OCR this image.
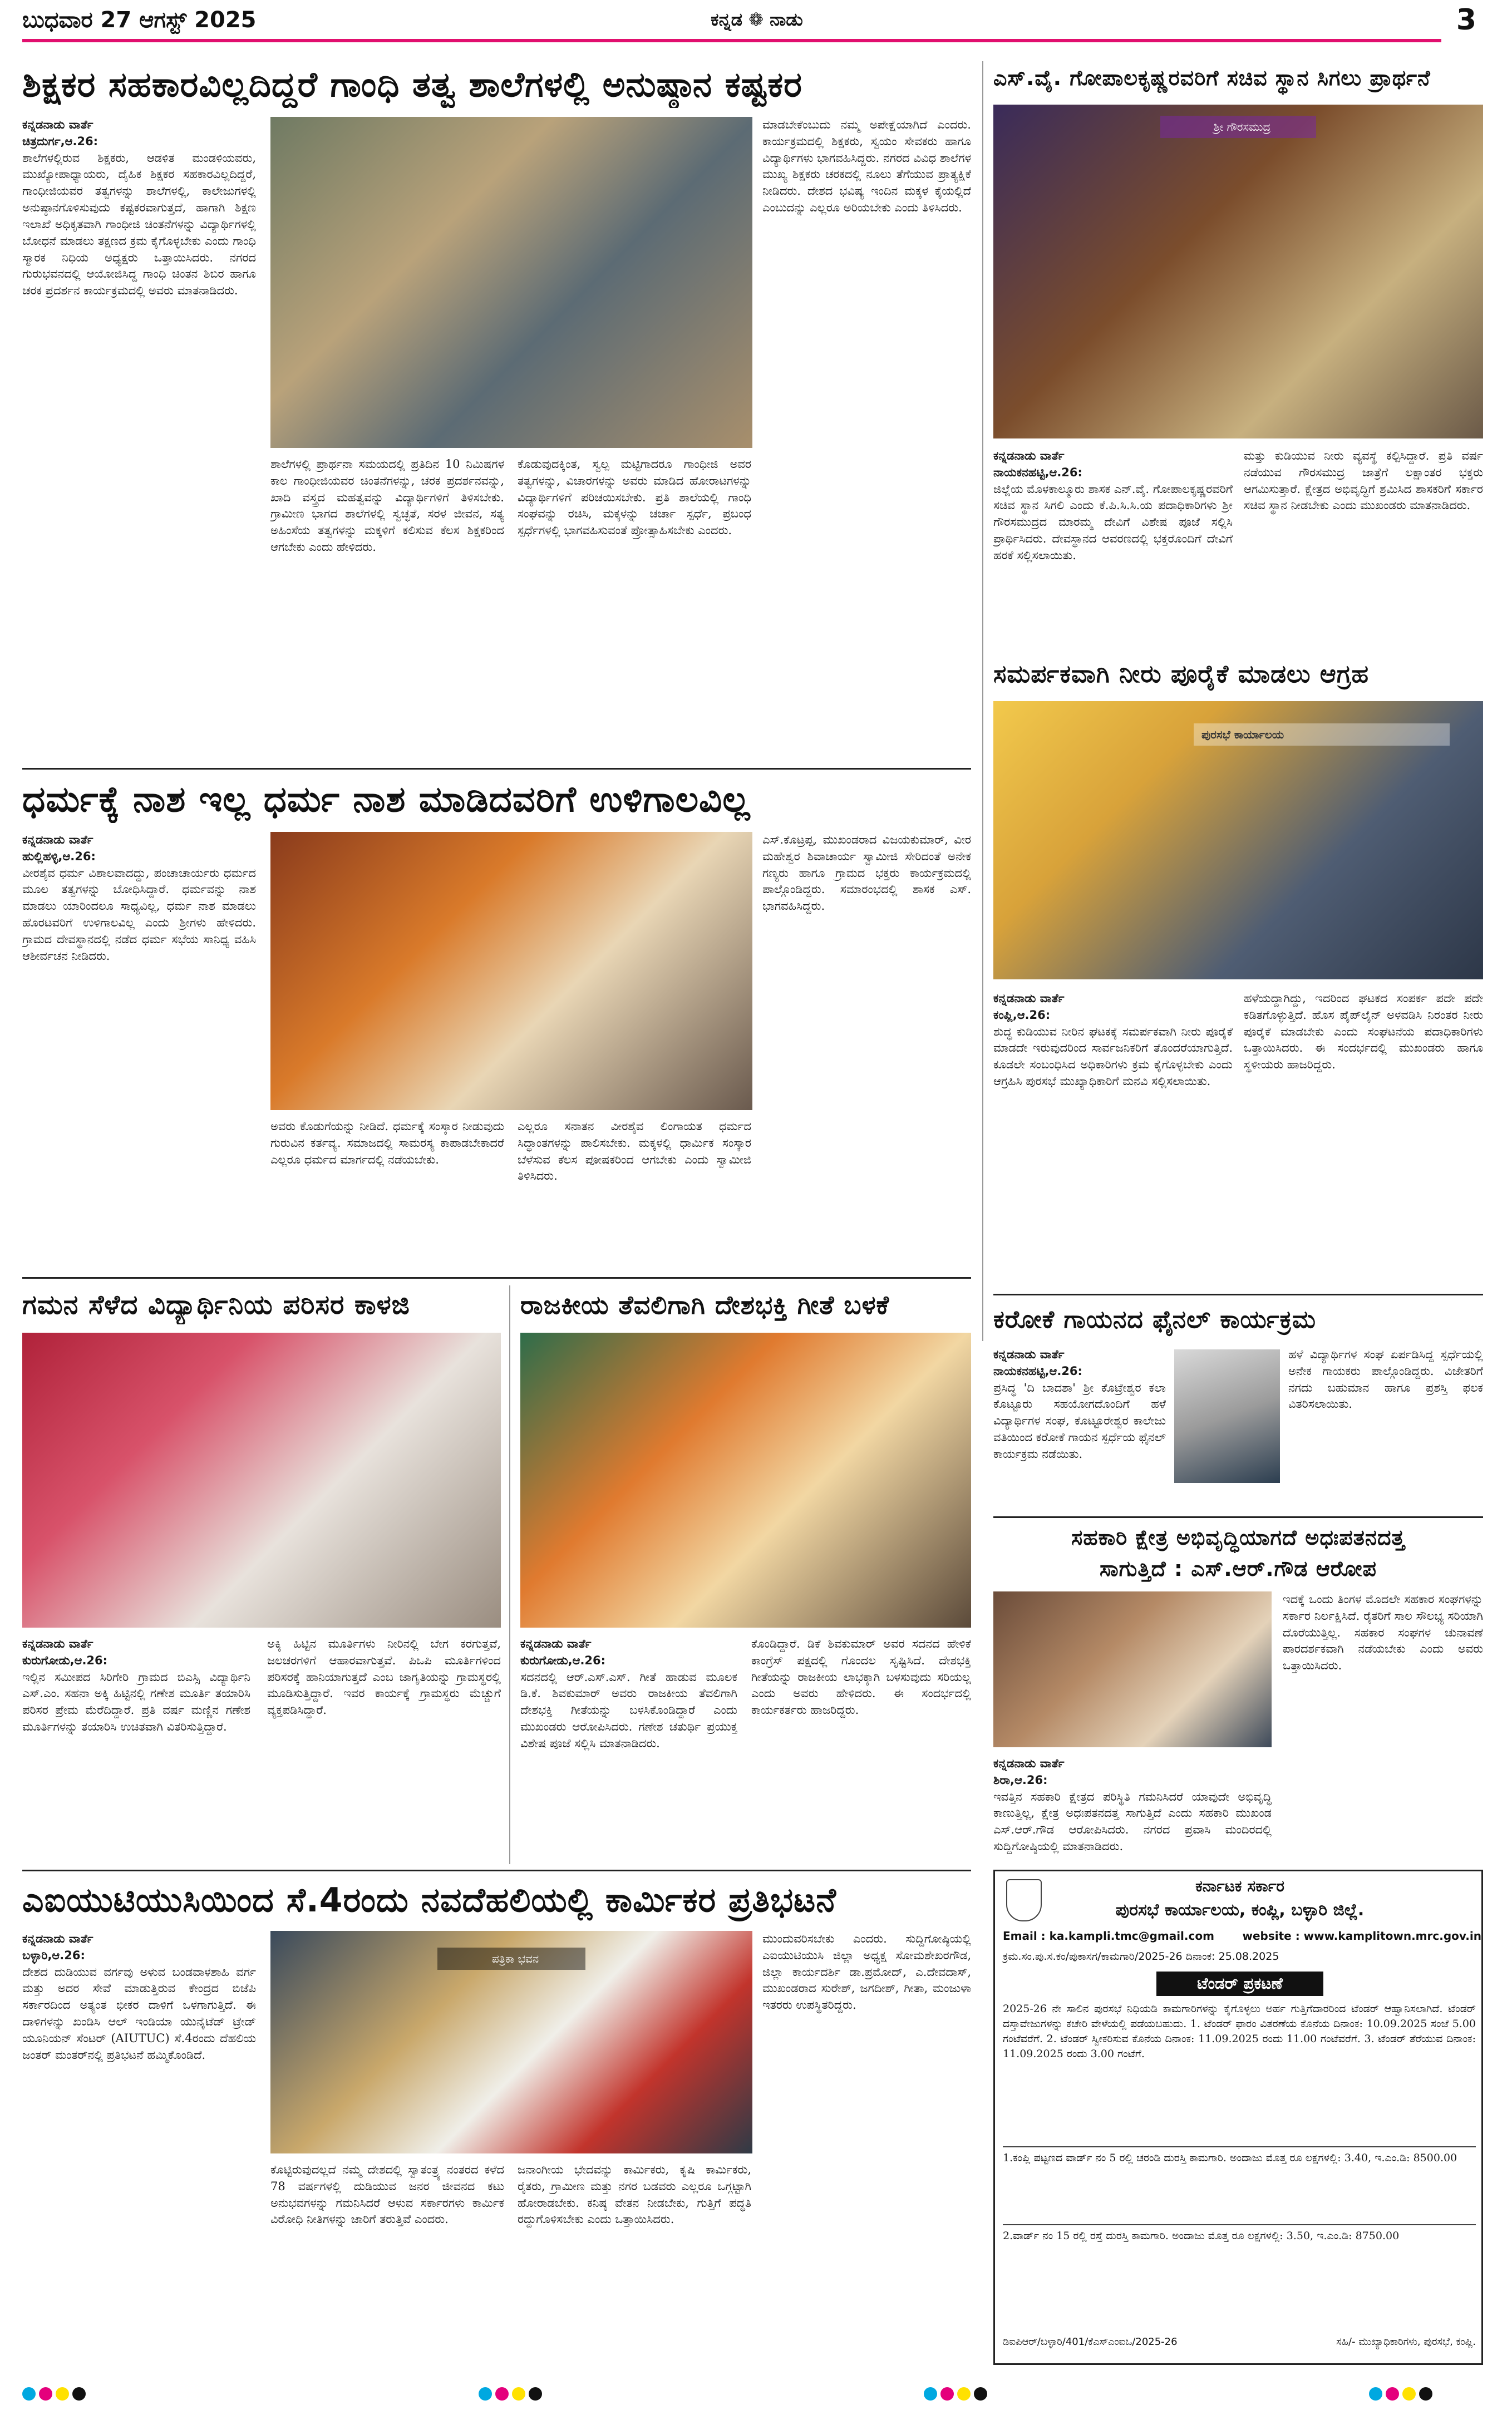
ಬುಧವಾರ 27 ಆಗಸ್ಟ್ 2025	ಕನ್ನಡ ❁ ನಾಡು	3
ಶಿಕ್ಷಕರ ಸಹಕಾರವಿಲ್ಲದಿದ್ದರೆ ಗಾಂಧಿ ತತ್ವ ಶಾಲೆಗಳಲ್ಲಿ ಅನುಷ್ಠಾನ ಕಷ್ಟಕರ
ಕನ್ನಡನಾಡು ವಾರ್ತೆ
ಚಿತ್ರದುರ್ಗ,ಆ.26:
ಶಾಲೆಗಳಲ್ಲಿರುವ ಶಿಕ್ಷಕರು, ಆಡಳಿತ ಮಂಡಳಿಯವರು, ಮುಖ್ಯೋಪಾಧ್ಯಾಯರು, ದೈಹಿಕ ಶಿಕ್ಷಕರ ಸಹಕಾರವಿಲ್ಲದಿದ್ದರೆ, ಗಾಂಧೀಜಿಯವರ ತತ್ವಗಳನ್ನು ಶಾಲೆಗಳಲ್ಲಿ, ಕಾಲೇಜುಗಳಲ್ಲಿ ಅನುಷ್ಠಾನಗೊಳಿಸುವುದು ಕಷ್ಟಕರವಾಗುತ್ತದೆ, ಹಾಗಾಗಿ ಶಿಕ್ಷಣ ಇಲಾಖೆ ಅಧಿಕೃತವಾಗಿ ಗಾಂಧೀಜಿ ಚಿಂತನೆಗಳನ್ನು ವಿದ್ಯಾರ್ಥಿಗಳಲ್ಲಿ ಬೋಧನೆ ಮಾಡಲು ತಕ್ಷಣದ ಕ್ರಮ ಕೈಗೊಳ್ಳಬೇಕು ಎಂದು ಗಾಂಧಿ ಸ್ಮಾರಕ ನಿಧಿಯ ಅಧ್ಯಕ್ಷರು ಒತ್ತಾಯಿಸಿದರು. ನಗರದ ಗುರುಭವನದಲ್ಲಿ ಆಯೋಜಿಸಿದ್ದ ಗಾಂಧಿ ಚಿಂತನ ಶಿಬಿರ ಹಾಗೂ ಚರಕ ಪ್ರದರ್ಶನ ಕಾರ್ಯಕ್ರಮದಲ್ಲಿ ಅವರು ಮಾತನಾಡಿದರು.
ಶಾಲೆಗಳಲ್ಲಿ ಪ್ರಾರ್ಥನಾ ಸಮಯದಲ್ಲಿ ಪ್ರತಿದಿನ 10 ನಿಮಿಷಗಳ ಕಾಲ ಗಾಂಧೀಜಿಯವರ ಚಿಂತನೆಗಳನ್ನು, ಚರಕ ಪ್ರದರ್ಶನವನ್ನು, ಖಾದಿ ವಸ್ತ್ರದ ಮಹತ್ವವನ್ನು ವಿದ್ಯಾರ್ಥಿಗಳಿಗೆ ತಿಳಿಸಬೇಕು. ಗ್ರಾಮೀಣ ಭಾಗದ ಶಾಲೆಗಳಲ್ಲಿ ಸ್ವಚ್ಛತೆ, ಸರಳ ಜೀವನ, ಸತ್ಯ ಅಹಿಂಸೆಯ ತತ್ವಗಳನ್ನು ಮಕ್ಕಳಿಗೆ ಕಲಿಸುವ ಕೆಲಸ ಶಿಕ್ಷಕರಿಂದ ಆಗಬೇಕು ಎಂದು ಹೇಳಿದರು.
ಕೊಡುವುದಕ್ಕಿಂತ, ಸ್ವಲ್ಪ ಮಟ್ಟಿಗಾದರೂ ಗಾಂಧೀಜಿ ಅವರ ತತ್ವಗಳನ್ನು, ವಿಚಾರಗಳನ್ನು ಅವರು ಮಾಡಿದ ಹೋರಾಟಗಳನ್ನು ವಿದ್ಯಾರ್ಥಿಗಳಿಗೆ ಪರಿಚಯಿಸಬೇಕು. ಪ್ರತಿ ಶಾಲೆಯಲ್ಲಿ ಗಾಂಧಿ ಸಂಘವನ್ನು ರಚಿಸಿ, ಮಕ್ಕಳನ್ನು ಚರ್ಚಾ ಸ್ಪರ್ಧೆ, ಪ್ರಬಂಧ ಸ್ಪರ್ಧೆಗಳಲ್ಲಿ ಭಾಗವಹಿಸುವಂತೆ ಪ್ರೋತ್ಸಾಹಿಸಬೇಕು ಎಂದರು.
ಮಾಡಬೇಕೆಂಬುದು ನಮ್ಮ ಅಪೇಕ್ಷೆಯಾಗಿದೆ ಎಂದರು. ಕಾರ್ಯಕ್ರಮದಲ್ಲಿ ಶಿಕ್ಷಕರು, ಸ್ವಯಂ ಸೇವಕರು ಹಾಗೂ ವಿದ್ಯಾರ್ಥಿಗಳು ಭಾಗವಹಿಸಿದ್ದರು. ನಗರದ ವಿವಿಧ ಶಾಲೆಗಳ ಮುಖ್ಯ ಶಿಕ್ಷಕರು ಚರಕದಲ್ಲಿ ನೂಲು ತೆಗೆಯುವ ಪ್ರಾತ್ಯಕ್ಷಿಕೆ ನೀಡಿದರು. ದೇಶದ ಭವಿಷ್ಯ ಇಂದಿನ ಮಕ್ಕಳ ಕೈಯಲ್ಲಿದೆ ಎಂಬುದನ್ನು ಎಲ್ಲರೂ ಅರಿಯಬೇಕು ಎಂದು ತಿಳಿಸಿದರು.
ಎಸ್.ವೈ. ಗೋಪಾಲಕೃಷ್ಣರವರಿಗೆ ಸಚಿವ ಸ್ಥಾನ ಸಿಗಲು ಪ್ರಾರ್ಥನೆ
ಶ್ರೀ ಗೌರಸಮುದ್ರ
ಕನ್ನಡನಾಡು ವಾರ್ತೆ
ನಾಯಕನಹಟ್ಟಿ,ಆ.26:
ಜಿಲ್ಲೆಯ ಮೊಳಕಾಲ್ಮೂರು ಶಾಸಕ ಎನ್.ವೈ. ಗೋಪಾಲಕೃಷ್ಣರವರಿಗೆ ಸಚಿವ ಸ್ಥಾನ ಸಿಗಲಿ ಎಂದು ಕೆ.ಪಿ.ಸಿ.ಸಿ.ಯ ಪದಾಧಿಕಾರಿಗಳು ಶ್ರೀ ಗೌರಸಮುದ್ರದ ಮಾರಮ್ಮ ದೇವಿಗೆ ವಿಶೇಷ ಪೂಜೆ ಸಲ್ಲಿಸಿ ಪ್ರಾರ್ಥಿಸಿದರು. ದೇವಸ್ಥಾನದ ಆವರಣದಲ್ಲಿ ಭಕ್ತರೊಂದಿಗೆ ದೇವಿಗೆ ಹರಕೆ ಸಲ್ಲಿಸಲಾಯಿತು.
ಮತ್ತು ಕುಡಿಯುವ ನೀರು ವ್ಯವಸ್ಥೆ ಕಲ್ಪಿಸಿದ್ದಾರೆ. ಪ್ರತಿ ವರ್ಷ ನಡೆಯುವ ಗೌರಸಮುದ್ರ ಜಾತ್ರೆಗೆ ಲಕ್ಷಾಂತರ ಭಕ್ತರು ಆಗಮಿಸುತ್ತಾರೆ. ಕ್ಷೇತ್ರದ ಅಭಿವೃದ್ಧಿಗೆ ಶ್ರಮಿಸಿದ ಶಾಸಕರಿಗೆ ಸರ್ಕಾರ ಸಚಿವ ಸ್ಥಾನ ನೀಡಬೇಕು ಎಂದು ಮುಖಂಡರು ಮಾತನಾಡಿದರು.
ಸಮರ್ಪಕವಾಗಿ ನೀರು ಪೂರೈಕೆ ಮಾಡಲು ಆಗ್ರಹ
ಪುರಸಭೆ ಕಾರ್ಯಾಲಯ
ಕನ್ನಡನಾಡು ವಾರ್ತೆ
ಕಂಪ್ಲಿ,ಆ.26:
ಶುದ್ಧ ಕುಡಿಯುವ ನೀರಿನ ಘಟಕಕ್ಕೆ ಸಮರ್ಪಕವಾಗಿ ನೀರು ಪೂರೈಕೆ ಮಾಡದೇ ಇರುವುದರಿಂದ ಸಾರ್ವಜನಿಕರಿಗೆ ತೊಂದರೆಯಾಗುತ್ತಿದೆ. ಕೂಡಲೇ ಸಂಬಂಧಿಸಿದ ಅಧಿಕಾರಿಗಳು ಕ್ರಮ ಕೈಗೊಳ್ಳಬೇಕು ಎಂದು ಆಗ್ರಹಿಸಿ ಪುರಸಭೆ ಮುಖ್ಯಾಧಿಕಾರಿಗೆ ಮನವಿ ಸಲ್ಲಿಸಲಾಯಿತು.
ಹಳೆಯದ್ದಾಗಿದ್ದು, ಇದರಿಂದ ಘಟಕದ ಸಂಪರ್ಕ ಪದೇ ಪದೇ ಕಡಿತಗೊಳ್ಳುತ್ತಿದೆ. ಹೊಸ ಪೈಪ್‌ಲೈನ್ ಅಳವಡಿಸಿ ನಿರಂತರ ನೀರು ಪೂರೈಕೆ ಮಾಡಬೇಕು ಎಂದು ಸಂಘಟನೆಯ ಪದಾಧಿಕಾರಿಗಳು ಒತ್ತಾಯಿಸಿದರು. ಈ ಸಂದರ್ಭದಲ್ಲಿ ಮುಖಂಡರು ಹಾಗೂ ಸ್ಥಳೀಯರು ಹಾಜರಿದ್ದರು.
ಧರ್ಮಕ್ಕೆ ನಾಶ ಇಲ್ಲ ಧರ್ಮ ನಾಶ ಮಾಡಿದವರಿಗೆ ಉಳಿಗಾಲವಿಲ್ಲ
ಕನ್ನಡನಾಡು ವಾರ್ತೆ
ಹುಲ್ಲಿಹಳ್ಳಿ,ಆ.26:
ವೀರಶೈವ ಧರ್ಮ ವಿಶಾಲವಾದದ್ದು, ಪಂಚಾಚಾರ್ಯರು ಧರ್ಮದ ಮೂಲ ತತ್ವಗಳನ್ನು ಬೋಧಿಸಿದ್ದಾರೆ. ಧರ್ಮವನ್ನು ನಾಶ ಮಾಡಲು ಯಾರಿಂದಲೂ ಸಾಧ್ಯವಿಲ್ಲ, ಧರ್ಮ ನಾಶ ಮಾಡಲು ಹೊರಟವರಿಗೆ ಉಳಿಗಾಲವಿಲ್ಲ ಎಂದು ಶ್ರೀಗಳು ಹೇಳಿದರು. ಗ್ರಾಮದ ದೇವಸ್ಥಾನದಲ್ಲಿ ನಡೆದ ಧರ್ಮ ಸಭೆಯ ಸಾನಿಧ್ಯ ವಹಿಸಿ ಆಶೀರ್ವಚನ ನೀಡಿದರು.
ಅವರು ಕೊಡುಗೆಯನ್ನು ನೀಡಿದೆ. ಧರ್ಮಕ್ಕೆ ಸಂಸ್ಕಾರ ನೀಡುವುದು ಗುರುವಿನ ಕರ್ತವ್ಯ. ಸಮಾಜದಲ್ಲಿ ಸಾಮರಸ್ಯ ಕಾಪಾಡಬೇಕಾದರೆ ಎಲ್ಲರೂ ಧರ್ಮದ ಮಾರ್ಗದಲ್ಲಿ ನಡೆಯಬೇಕು.
ಎಲ್ಲರೂ ಸನಾತನ ವೀರಶೈವ ಲಿಂಗಾಯತ ಧರ್ಮದ ಸಿದ್ಧಾಂತಗಳನ್ನು ಪಾಲಿಸಬೇಕು. ಮಕ್ಕಳಲ್ಲಿ ಧಾರ್ಮಿಕ ಸಂಸ್ಕಾರ ಬೆಳೆಸುವ ಕೆಲಸ ಪೋಷಕರಿಂದ ಆಗಬೇಕು ಎಂದು ಸ್ವಾಮೀಜಿ ತಿಳಿಸಿದರು.
ಎಸ್.ಕೊಟ್ರಪ್ಪ, ಮುಖಂಡರಾದ ವಿಜಯಕುಮಾರ್, ವೀರ ಮಹೇಶ್ವರ ಶಿವಾಚಾರ್ಯ ಸ್ವಾಮೀಜಿ ಸೇರಿದಂತೆ ಅನೇಕ ಗಣ್ಯರು ಹಾಗೂ ಗ್ರಾಮದ ಭಕ್ತರು ಕಾರ್ಯಕ್ರಮದಲ್ಲಿ ಪಾಲ್ಗೊಂಡಿದ್ದರು. ಸಮಾರಂಭದಲ್ಲಿ ಶಾಸಕ ಎಸ್. ಭಾಗವಹಿಸಿದ್ದರು.
ಗಮನ ಸೆಳೆದ ವಿದ್ಯಾರ್ಥಿನಿಯ ಪರಿಸರ ಕಾಳಜಿ
ಕನ್ನಡನಾಡು ವಾರ್ತೆ
ಕುರುಗೋಡು,ಆ.26:
ಇಲ್ಲಿನ ಸಮೀಪದ ಸಿರಿಗೇರಿ ಗ್ರಾಮದ ಬಿಎಸ್ಸಿ ವಿದ್ಯಾರ್ಥಿನಿ ಎಸ್.ಎಂ. ಸಹನಾ ಅಕ್ಕಿ ಹಿಟ್ಟಿನಲ್ಲಿ ಗಣೇಶ ಮೂರ್ತಿ ತಯಾರಿಸಿ ಪರಿಸರ ಪ್ರೇಮ ಮೆರೆದಿದ್ದಾರೆ. ಪ್ರತಿ ವರ್ಷ ಮಣ್ಣಿನ ಗಣೇಶ ಮೂರ್ತಿಗಳನ್ನು ತಯಾರಿಸಿ ಉಚಿತವಾಗಿ ವಿತರಿಸುತ್ತಿದ್ದಾರೆ.
ಅಕ್ಕಿ ಹಿಟ್ಟಿನ ಮೂರ್ತಿಗಳು ನೀರಿನಲ್ಲಿ ಬೇಗ ಕರಗುತ್ತವೆ, ಜಲಚರಗಳಿಗೆ ಆಹಾರವಾಗುತ್ತವೆ. ಪಿಒಪಿ ಮೂರ್ತಿಗಳಿಂದ ಪರಿಸರಕ್ಕೆ ಹಾನಿಯಾಗುತ್ತದೆ ಎಂಬ ಜಾಗೃತಿಯನ್ನು ಗ್ರಾಮಸ್ಥರಲ್ಲಿ ಮೂಡಿಸುತ್ತಿದ್ದಾರೆ. ಇವರ ಕಾರ್ಯಕ್ಕೆ ಗ್ರಾಮಸ್ಥರು ಮೆಚ್ಚುಗೆ ವ್ಯಕ್ತಪಡಿಸಿದ್ದಾರೆ.
ರಾಜಕೀಯ ತೆವಲಿಗಾಗಿ ದೇಶಭಕ್ತಿ ಗೀತೆ ಬಳಕೆ
ಕನ್ನಡನಾಡು ವಾರ್ತೆ
ಕುರುಗೋಡು,ಆ.26:
ಸದನದಲ್ಲಿ ಆರ್.ಎಸ್.ಎಸ್. ಗೀತೆ ಹಾಡುವ ಮೂಲಕ ಡಿ.ಕೆ. ಶಿವಕುಮಾರ್ ಅವರು ರಾಜಕೀಯ ತೆವಲಿಗಾಗಿ ದೇಶಭಕ್ತಿ ಗೀತೆಯನ್ನು ಬಳಸಿಕೊಂಡಿದ್ದಾರೆ ಎಂದು ಮುಖಂಡರು ಆರೋಪಿಸಿದರು. ಗಣೇಶ ಚತುರ್ಥಿ ಪ್ರಯುಕ್ತ ವಿಶೇಷ ಪೂಜೆ ಸಲ್ಲಿಸಿ ಮಾತನಾಡಿದರು.
ಕೊಂಡಿದ್ದಾರೆ. ಡಿಕೆ ಶಿವಕುಮಾರ್ ಅವರ ಸದನದ ಹೇಳಿಕೆ ಕಾಂಗ್ರೆಸ್ ಪಕ್ಷದಲ್ಲಿ ಗೊಂದಲ ಸೃಷ್ಟಿಸಿದೆ. ದೇಶಭಕ್ತಿ ಗೀತೆಯನ್ನು ರಾಜಕೀಯ ಲಾಭಕ್ಕಾಗಿ ಬಳಸುವುದು ಸರಿಯಲ್ಲ ಎಂದು ಅವರು ಹೇಳಿದರು. ಈ ಸಂದರ್ಭದಲ್ಲಿ ಕಾರ್ಯಕರ್ತರು ಹಾಜರಿದ್ದರು.
ಕರೋಕೆ ಗಾಯನದ ಫೈನಲ್ ಕಾರ್ಯಕ್ರಮ
ಕನ್ನಡನಾಡು ವಾರ್ತೆ
ನಾಯಕನಹಟ್ಟಿ,ಆ.26:
ಪ್ರಸಿದ್ಧ 'ದಿ ಬಾದಶಾ' ಶ್ರೀ ಕೊಟ್ರೇಶ್ವರ ಕಲಾ ಕೊಟ್ಟೂರು ಸಹಯೋಗದೊಂದಿಗೆ ಹಳೆ ವಿದ್ಯಾರ್ಥಿಗಳ ಸಂಘ, ಕೊಟ್ಟೂರೇಶ್ವರ ಕಾಲೇಜು ವತಿಯಿಂದ ಕರೋಕೆ ಗಾಯನ ಸ್ಪರ್ಧೆಯ ಫೈನಲ್ ಕಾರ್ಯಕ್ರಮ ನಡೆಯಿತು.
ಹಳೆ ವಿದ್ಯಾರ್ಥಿಗಳ ಸಂಘ ಏರ್ಪಡಿಸಿದ್ದ ಸ್ಪರ್ಧೆಯಲ್ಲಿ ಅನೇಕ ಗಾಯಕರು ಪಾಲ್ಗೊಂಡಿದ್ದರು. ವಿಜೇತರಿಗೆ ನಗದು ಬಹುಮಾನ ಹಾಗೂ ಪ್ರಶಸ್ತಿ ಫಲಕ ವಿತರಿಸಲಾಯಿತು.
ಸಹಕಾರಿ ಕ್ಷೇತ್ರ ಅಭಿವೃದ್ಧಿಯಾಗದೆ ಅಧಃಪತನದತ್ತ
ಸಾಗುತ್ತಿದೆ : ಎಸ್.ಆರ್.ಗೌಡ ಆರೋಪ
ಕನ್ನಡನಾಡು ವಾರ್ತೆ
ಶಿರಾ,ಆ.26:
ಇವತ್ತಿನ ಸಹಕಾರಿ ಕ್ಷೇತ್ರದ ಪರಿಸ್ಥಿತಿ ಗಮನಿಸಿದರೆ ಯಾವುದೇ ಅಭಿವೃದ್ಧಿ ಕಾಣುತ್ತಿಲ್ಲ, ಕ್ಷೇತ್ರ ಅಧಃಪತನದತ್ತ ಸಾಗುತ್ತಿದೆ ಎಂದು ಸಹಕಾರಿ ಮುಖಂಡ ಎಸ್.ಆರ್.ಗೌಡ ಆರೋಪಿಸಿದರು. ನಗರದ ಪ್ರವಾಸಿ ಮಂದಿರದಲ್ಲಿ ಸುದ್ದಿಗೋಷ್ಠಿಯಲ್ಲಿ ಮಾತನಾಡಿದರು.
ಇದಕ್ಕೆ ಒಂದು ತಿಂಗಳ ಮೊದಲೇ ಸಹಕಾರ ಸಂಘಗಳನ್ನು ಸರ್ಕಾರ ನಿರ್ಲಕ್ಷಿಸಿದೆ. ರೈತರಿಗೆ ಸಾಲ ಸೌಲಭ್ಯ ಸರಿಯಾಗಿ ದೊರೆಯುತ್ತಿಲ್ಲ. ಸಹಕಾರ ಸಂಘಗಳ ಚುನಾವಣೆ ಪಾರದರ್ಶಕವಾಗಿ ನಡೆಯಬೇಕು ಎಂದು ಅವರು ಒತ್ತಾಯಿಸಿದರು.
ಎಐಯುಟಿಯುಸಿಯಿಂದ ಸೆ.4ರಂದು ನವದೆಹಲಿಯಲ್ಲಿ ಕಾರ್ಮಿಕರ ಪ್ರತಿಭಟನೆ
ಕನ್ನಡನಾಡು ವಾರ್ತೆ
ಬಳ್ಳಾರಿ,ಆ.26:
ದೇಶದ ದುಡಿಯುವ ವರ್ಗವು ಅಳುವ ಬಂಡವಾಳಶಾಹಿ ವರ್ಗ ಮತ್ತು ಅದರ ಸೇವೆ ಮಾಡುತ್ತಿರುವ ಕೇಂದ್ರದ ಬಿಜೆಪಿ ಸರ್ಕಾರದಿಂದ ಅತ್ಯಂತ ಭೀಕರ ದಾಳಿಗೆ ಒಳಗಾಗುತ್ತಿದೆ. ಈ ದಾಳಿಗಳನ್ನು ಖಂಡಿಸಿ ಆಲ್ ಇಂಡಿಯಾ ಯುನೈಟೆಡ್ ಟ್ರೇಡ್ ಯೂನಿಯನ್ ಸೆಂಟರ್ (AIUTUC) ಸೆ.4ರಂದು ದೆಹಲಿಯ ಜಂತರ್ ಮಂತರ್‌ನಲ್ಲಿ ಪ್ರತಿಭಟನೆ ಹಮ್ಮಿಕೊಂಡಿದೆ.
ಪತ್ರಿಕಾ ಭವನ
ಕೊಟ್ಟಿರುವುದಲ್ಲದೆ ನಮ್ಮ ದೇಶದಲ್ಲಿ ಸ್ವಾತಂತ್ರ್ಯ ನಂತರದ ಕಳೆದ 78 ವರ್ಷಗಳಲ್ಲಿ ದುಡಿಯುವ ಜನರ ಜೀವನದ ಕಟು ಅನುಭವಗಳನ್ನು ಗಮನಿಸಿದರೆ ಆಳುವ ಸರ್ಕಾರಗಳು ಕಾರ್ಮಿಕ ವಿರೋಧಿ ನೀತಿಗಳನ್ನು ಜಾರಿಗೆ ತರುತ್ತಿವೆ ಎಂದರು.
ಜನಾಂಗೀಯ ಭೇದವನ್ನು ಕಾರ್ಮಿಕರು, ಕೃಷಿ ಕಾರ್ಮಿಕರು, ರೈತರು, ಗ್ರಾಮೀಣ ಮತ್ತು ನಗರ ಬಡವರು ಎಲ್ಲರೂ ಒಗ್ಗಟ್ಟಾಗಿ ಹೋರಾಡಬೇಕು. ಕನಿಷ್ಠ ವೇತನ ನೀಡಬೇಕು, ಗುತ್ತಿಗೆ ಪದ್ಧತಿ ರದ್ದುಗೊಳಿಸಬೇಕು ಎಂದು ಒತ್ತಾಯಿಸಿದರು.
ಮುಂದುವರಿಸಬೇಕು ಎಂದರು. ಸುದ್ದಿಗೋಷ್ಠಿಯಲ್ಲಿ ಎಐಯುಟಿಯುಸಿ ಜಿಲ್ಲಾ ಅಧ್ಯಕ್ಷ ಸೋಮಶೇಖರಗೌಡ, ಜಿಲ್ಲಾ ಕಾರ್ಯದರ್ಶಿ ಡಾ.ಪ್ರಮೋದ್, ಎ.ದೇವದಾಸ್, ಮುಖಂಡರಾದ ಸುರೇಶ್, ಜಗದೀಶ್, ಗೀತಾ, ಮಂಜುಳಾ ಇತರರು ಉಪಸ್ಥಿತರಿದ್ದರು.
ಕರ್ನಾಟಕ ಸರ್ಕಾರ
ಪುರಸಭೆ ಕಾರ್ಯಾಲಯ, ಕಂಪ್ಲಿ, ಬಳ್ಳಾರಿ ಜಿಲ್ಲೆ.
Email : ka.kampli.tmc@gmail.com	website : www.kamplitown.mrc.gov.in
ಕ್ರಮ.ಸಂ.ಪು.ಸ.ಕಂ/ಪುಕಾಸಗ/ಕಾಮಗಾರಿ/2025-26 ದಿನಾಂಕ: 25.08.2025
ಟೆಂಡರ್ ಪ್ರಕಟಣೆ
2025-26 ನೇ ಸಾಲಿನ ಪುರಸಭೆ ನಿಧಿಯಡಿ ಕಾಮಗಾರಿಗಳನ್ನು ಕೈಗೊಳ್ಳಲು ಅರ್ಹ ಗುತ್ತಿಗೆದಾರರಿಂದ ಟೆಂಡರ್ ಆಹ್ವಾನಿಸಲಾಗಿದೆ. ಟೆಂಡರ್ ದಸ್ತಾವೇಜುಗಳನ್ನು ಕಚೇರಿ ವೇಳೆಯಲ್ಲಿ ಪಡೆಯಬಹುದು. 1. ಟೆಂಡರ್ ಫಾರಂ ವಿತರಣೆಯ ಕೊನೆಯ ದಿನಾಂಕ: 10.09.2025 ಸಂಜೆ 5.00 ಗಂಟೆವರೆಗೆ. 2. ಟೆಂಡರ್ ಸ್ವೀಕರಿಸುವ ಕೊನೆಯ ದಿನಾಂಕ: 11.09.2025 ರಂದು 11.00 ಗಂಟೆವರೆಗೆ. 3. ಟೆಂಡರ್ ತೆರೆಯುವ ದಿನಾಂಕ: 11.09.2025 ರಂದು 3.00 ಗಂಟೆಗೆ.
1.ಕಂಪ್ಲಿ ಪಟ್ಟಣದ ವಾರ್ಡ್ ನಂ 5 ರಲ್ಲಿ ಚರಂಡಿ ದುರಸ್ತಿ ಕಾಮಗಾರಿ. ಅಂದಾಜು ಮೊತ್ತ ರೂ ಲಕ್ಷಗಳಲ್ಲಿ: 3.40, ಇ.ಎಂ.ಡಿ: 8500.00
2.ವಾರ್ಡ್ ನಂ 15 ರಲ್ಲಿ ರಸ್ತೆ ದುರಸ್ತಿ ಕಾಮಗಾರಿ. ಅಂದಾಜು ಮೊತ್ತ ರೂ ಲಕ್ಷಗಳಲ್ಲಿ: 3.50, ಇ.ಎಂ.ಡಿ: 8750.00
ಡಿಐಪಿಆರ್/ಬಳ್ಳಾರಿ/401/ಕೆಎಸ್‌ಎಂಐಒ/2025-26	ಸಹಿ/- ಮುಖ್ಯಾಧಿಕಾರಿಗಳು, ಪುರಸಭೆ, ಕಂಪ್ಲಿ.
